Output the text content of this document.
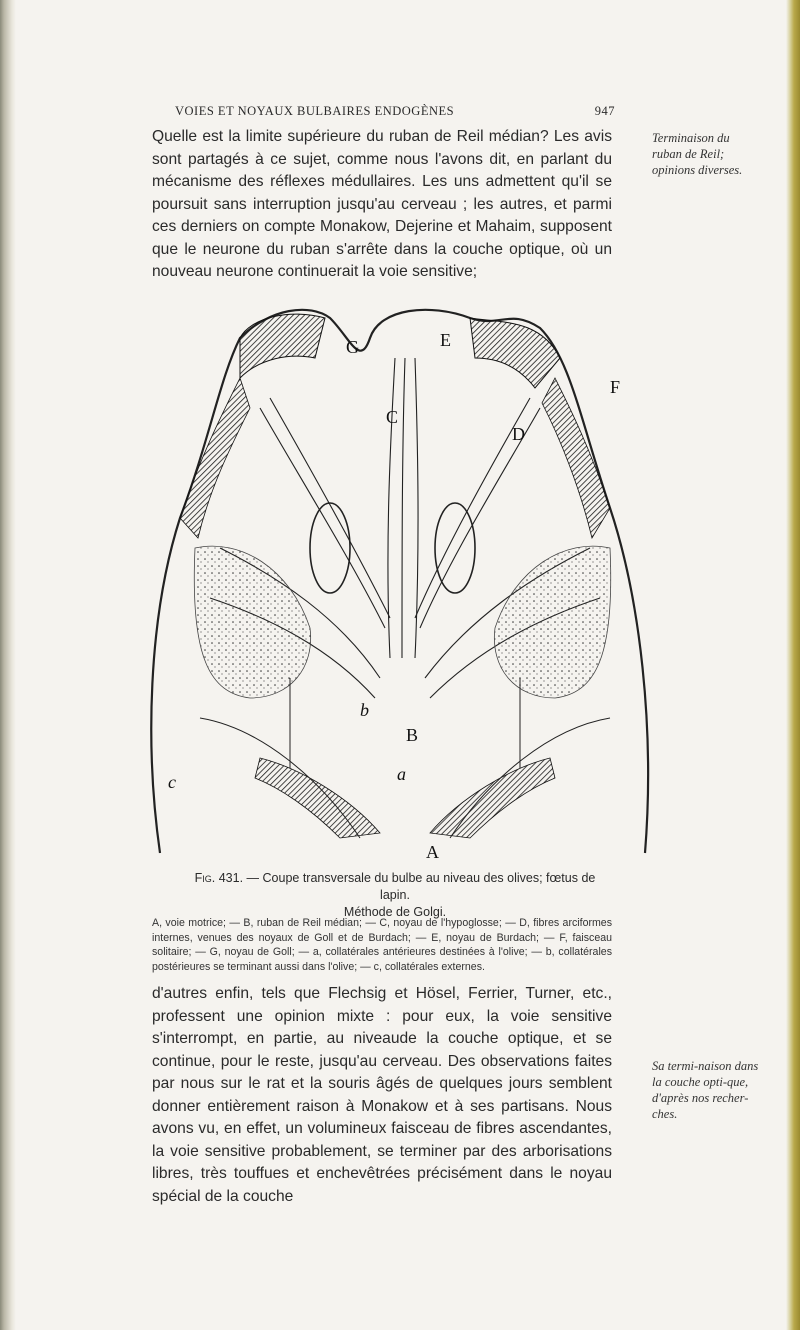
VOIES ET NOYAUX BULBAIRES ENDOGÈNES	947
Quelle est la limite supérieure du ruban de Reil médian? Les avis sont partagés à ce sujet, comme nous l'avons dit, en parlant du mécanisme des réflexes médullaires. Les uns admettent qu'il se poursuit sans interruption jusqu'au cerveau ; les autres, et parmi ces derniers on compte Monakow, Dejerine et Mahaim, supposent que le neurone du ruban s'arrête dans la couche optique, où un nouveau neurone continuerait la voie sensitive;
Terminaison du ruban de Reil; opinions diverses.
G	E
F
D
C
b
B
a
c
A
Fig. 431. — Coupe transversale du bulbe au niveau des olives; fœtus de lapin.
Méthode de Golgi.
A, voie motrice; — B, ruban de Reil médian; — C, noyau de l'hypoglosse; — D, fibres arciformes internes, venues des noyaux de Goll et de Burdach; — E, noyau de Burdach; — F, faisceau solitaire; — G, noyau de Goll; — a, collatérales antérieures destinées à l'olive; — b, collatérales postérieures se terminant aussi dans l'olive; — c, collatérales externes.
d'autres enfin, tels que Flechsig et Hösel, Ferrier, Turner, etc., professent une opinion mixte : pour eux, la voie sensitive s'interrompt, en partie, au niveaude la couche optique, et se continue, pour le reste, jusqu'au cerveau. Des observations faites par nous sur le rat et la souris âgés de quelques jours semblent donner entièrement raison à Monakow et à ses partisans. Nous avons vu, en effet, un volumineux faisceau de fibres ascendantes, la voie sensitive probablement, se terminer par des arborisations libres, très touffues et enchevêtrées précisément dans le noyau spécial de la couche
Sa termi-naison dans la couche opti-que, d'après nos recher-ches.
